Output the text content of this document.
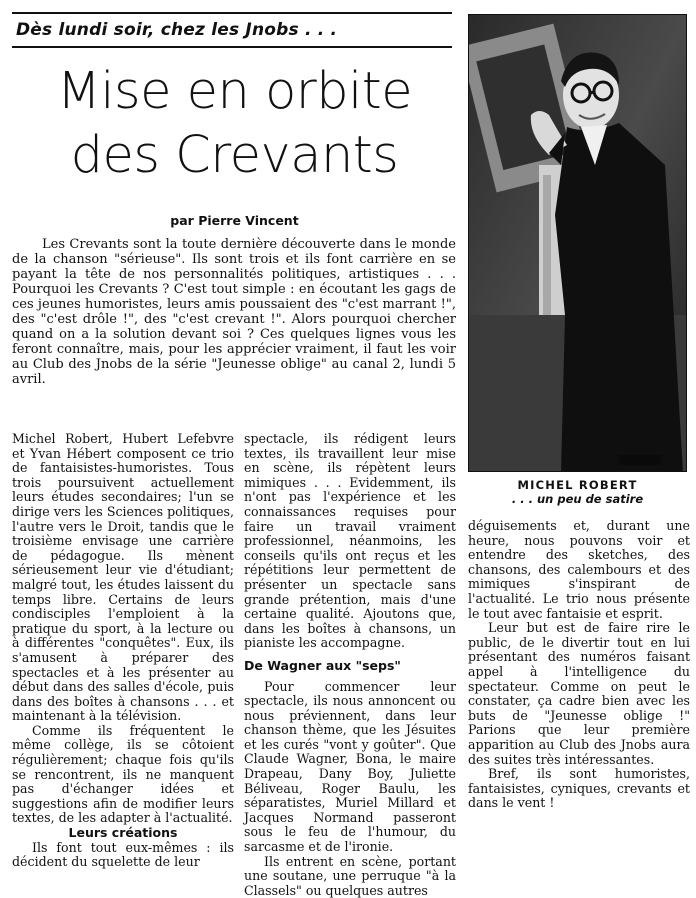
Dès lundi soir, chez les Jnobs . . .
Mise en orbite
des Crevants
par Pierre Vincent

Les Crevants sont la toute dernière découverte dans le monde de la chanson "sérieuse". Ils sont trois et ils font carrière en se payant la tête de nos personnalités politiques, artistiques . . . Pourquoi les Crevants ? C'est tout simple : en écoutant les gags de ces jeunes humoristes, leurs amis poussaient des "c'est marrant !", des "c'est drôle !", des "c'est crevant !". Alors pourquoi chercher quand on a la solution devant soi ? Ces quelques lignes vous les feront connaître, mais, pour les apprécier vraiment, il faut les voir au Club des Jnobs de la série "Jeunesse oblige" au canal 2, lundi 5 avril.

Michel Robert, Hubert Lefebvre et Yvan Hébert composent ce trio de fantaisistes-humoristes. Tous trois poursuivent actuellement leurs études secondaires; l'un se dirige vers les Sciences politiques, l'autre vers le Droit, tandis que le troisième envisage une carrière de pédagogue. Ils mènent sérieusement leur vie d'étudiant; malgré tout, les études laissent du temps libre. Certains de leurs condisciples l'emploient à la pratique du sport, à la lecture ou à différentes "conquêtes". Eux, ils s'amusent à préparer des spectacles et à les présenter au début dans des salles d'école, puis dans des boîtes à chansons . . . et maintenant à la télévision.

Comme ils fréquentent le même collège, ils se côtoient régulièrement; chaque fois qu'ils se rencontrent, ils ne manquent pas d'échanger idées et suggestions afin de modifier leurs textes, de les adapter à l'actualité.

Leurs créations

Ils font tout eux-mêmes : ils décident du squelette de leur

spectacle, ils rédigent leurs textes, ils travaillent leur mise en scène, ils répètent leurs mimiques . . . Evidemment, ils n'ont pas l'expérience et les connaissances requises pour faire un travail vraiment professionnel, néanmoins, les conseils qu'ils ont reçus et les répétitions leur permettent de présenter un spectacle sans grande prétention, mais d'une certaine qualité. Ajoutons que, dans les boîtes à chansons, un pianiste les accompagne.

De Wagner aux "seps"

Pour commencer leur spectacle, ils nous annoncent ou nous préviennent, dans leur chanson thème, que les Jésuites et les curés "vont y goûter". Que Claude Wagner, Bona, le maire Drapeau, Dany Boy, Juliette Béliveau, Roger Baulu, les séparatistes, Muriel Millard et Jacques Normand passeront sous le feu de l'humour, du sarcasme et de l'ironie.

Ils entrent en scène, portant une soutane, une perruque "à la Classels" ou quelques autres

MICHEL ROBERT
. . . un peu de satire

déguisements et, durant une heure, nous pouvons voir et entendre des sketches, des chansons, des calembours et des mimiques s'inspirant de l'actualité. Le trio nous présente le tout avec fantaisie et esprit.

Leur but est de faire rire le public, de le divertir tout en lui présentant des numéros faisant appel à l'intelligence du spectateur. Comme on peut le constater, ça cadre bien avec les buts de "Jeunesse oblige !" Parions que leur première apparition au Club des Jnobs aura des suites très intéressantes.

Bref, ils sont humoristes, fantaisistes, cyniques, crevants et dans le vent !
